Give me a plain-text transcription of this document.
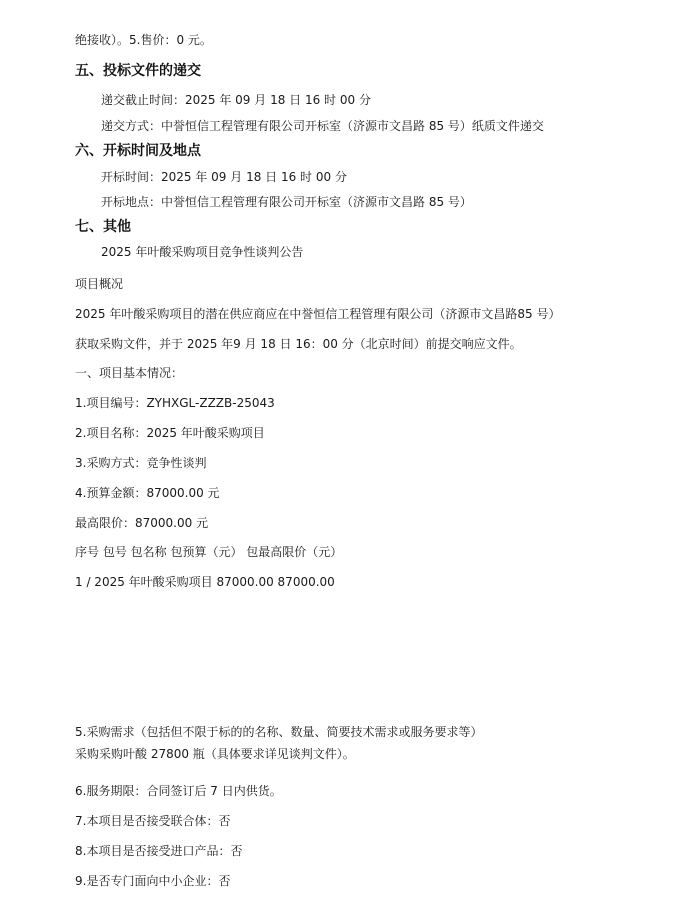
绝接收）。5.售价：0 元。
五、投标文件的递交
递交截止时间：2025 年 09 月 18 日 16 时 00 分
递交方式：中誉恒信工程管理有限公司开标室（济源市文昌路 85 号）纸质文件递交
六、开标时间及地点
开标时间：2025 年 09 月 18 日 16 时 00 分
开标地点：中誉恒信工程管理有限公司开标室（济源市文昌路 85 号）
七、其他
2025 年叶酸采购项目竞争性谈判公告
项目概况
2025 年叶酸采购项目的潜在供应商应在中誉恒信工程管理有限公司（济源市文昌路85 号）
获取采购文件，并于 2025 年9 月 18 日 16：00 分（北京时间）前提交响应文件。
一、项目基本情况：
1.项目编号：ZYHXGL-ZZZB-25043
2.项目名称：2025 年叶酸采购项目
3.采购方式：竞争性谈判
4.预算金额：87000.00 元
最高限价：87000.00 元
序号 包号 包名称 包预算（元） 包最高限价（元）
1 / 2025 年叶酸采购项目 87000.00 87000.00
5.采购需求（包括但不限于标的的名称、数量、简要技术需求或服务要求等）
采购采购叶酸 27800 瓶（具体要求详见谈判文件）。
6.服务期限：合同签订后 7 日内供货。
7.本项目是否接受联合体：否
8.本项目是否接受进口产品：否
9.是否专门面向中小企业：否
